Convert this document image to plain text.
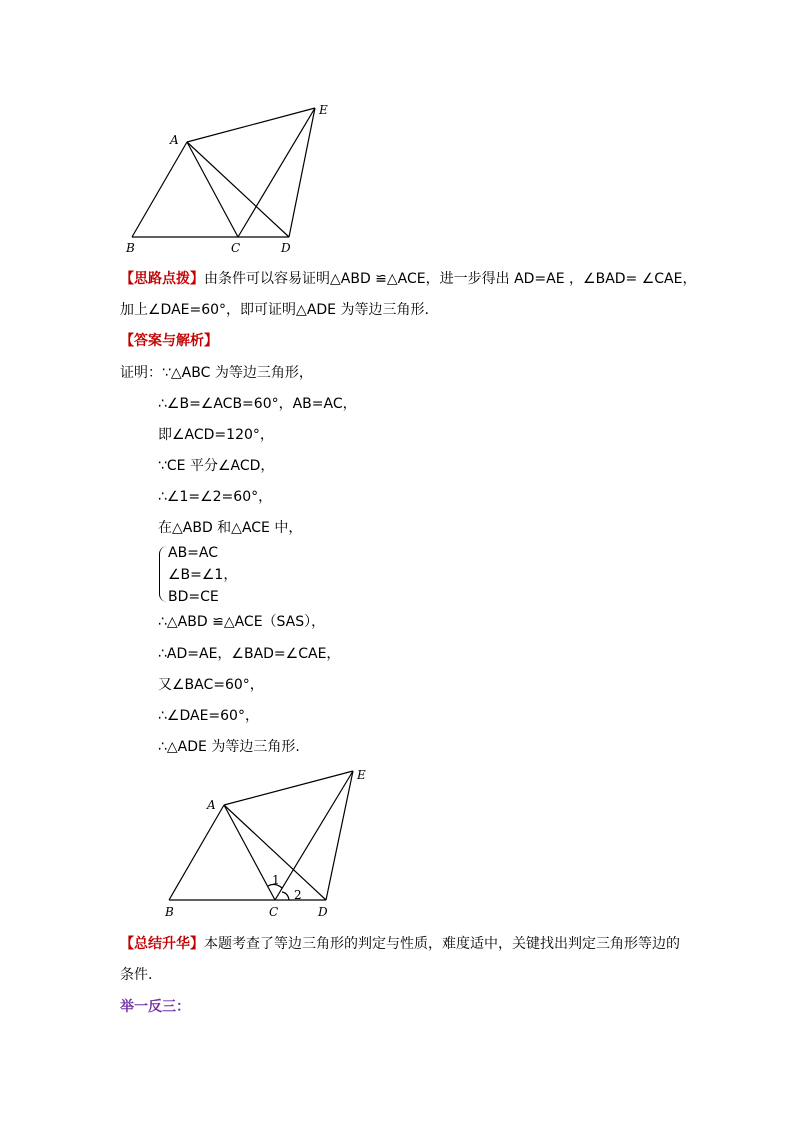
A
B	C	D
E
【思路点拨】由条件可以容易证明△ABD ≌△ACE，进一步得出 AD=AE ，∠BAD= ∠CAE，
加上∠DAE=60°，即可证明△ADE 为等边三角形.
【答案与解析】
证明：∵△ABC 为等边三角形，
∴∠B=∠ACB=60°，AB=AC，
即∠ACD=120°，
∵CE 平分∠ACD，
∴∠1=∠2=60°，
在△ABD 和△ACE 中，
AB=AC
∠B=∠1，
BD=CE
∴△ABD ≌△ACE（SAS），
∴AD=AE，∠BAD=∠CAE，
又∠BAC=60°，
∴∠DAE=60°，
∴△ADE 为等边三角形.
【总结升华】本题考查了等边三角形的判定与性质，难度适中，关键找出判定三角形等边的
条件.
举一反三：
A
B	C	D
E
1
2
